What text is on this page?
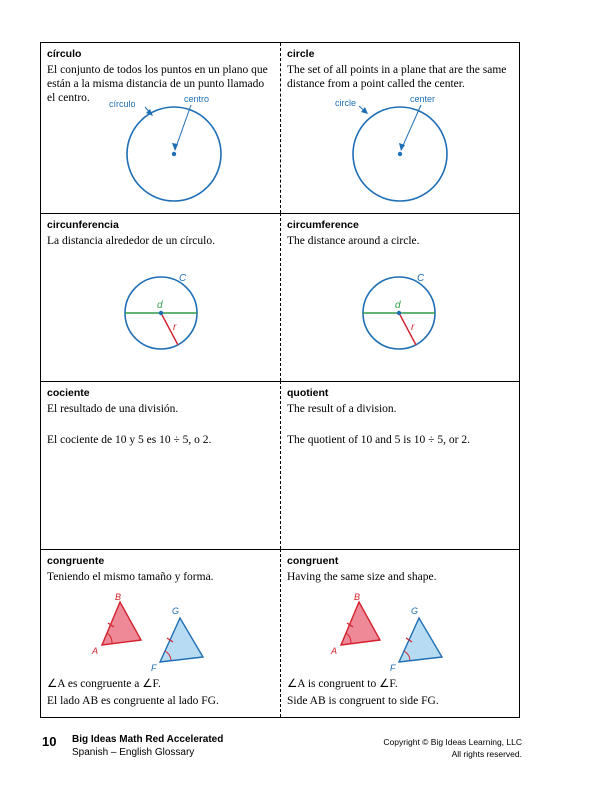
círculo
El conjunto de todos los puntos en un plano que están a la misma distancia de un punto llamado el centro.	círculo	centro
circle
The set of all points in a plane that are the same distance from a point called the center.
circle	center
circunferencia
La distancia alrededor de un círculo.
C
d
r
circumference
The distance around a circle.
C
d
r
cociente
El resultado de una división.
El cociente de 10 y 5 es 10 ÷ 5, o 2.
quotient
The result of a division.
The quotient of 10 and 5 is 10 ÷ 5, or 2.
congruente
Teniendo el mismo tamaño y forma.
B
A
G
F
∠A es congruente a ∠F.
El lado AB es congruente al lado FG.
congruent
Having the same size and shape.
B
A
G
F
∠A is congruent to ∠F.
Side AB is congruent to side FG.
10 Big Ideas Math Red Accelerated
Spanish – English Glossary
Copyright © Big Ideas Learning, LLC
All rights reserved.
